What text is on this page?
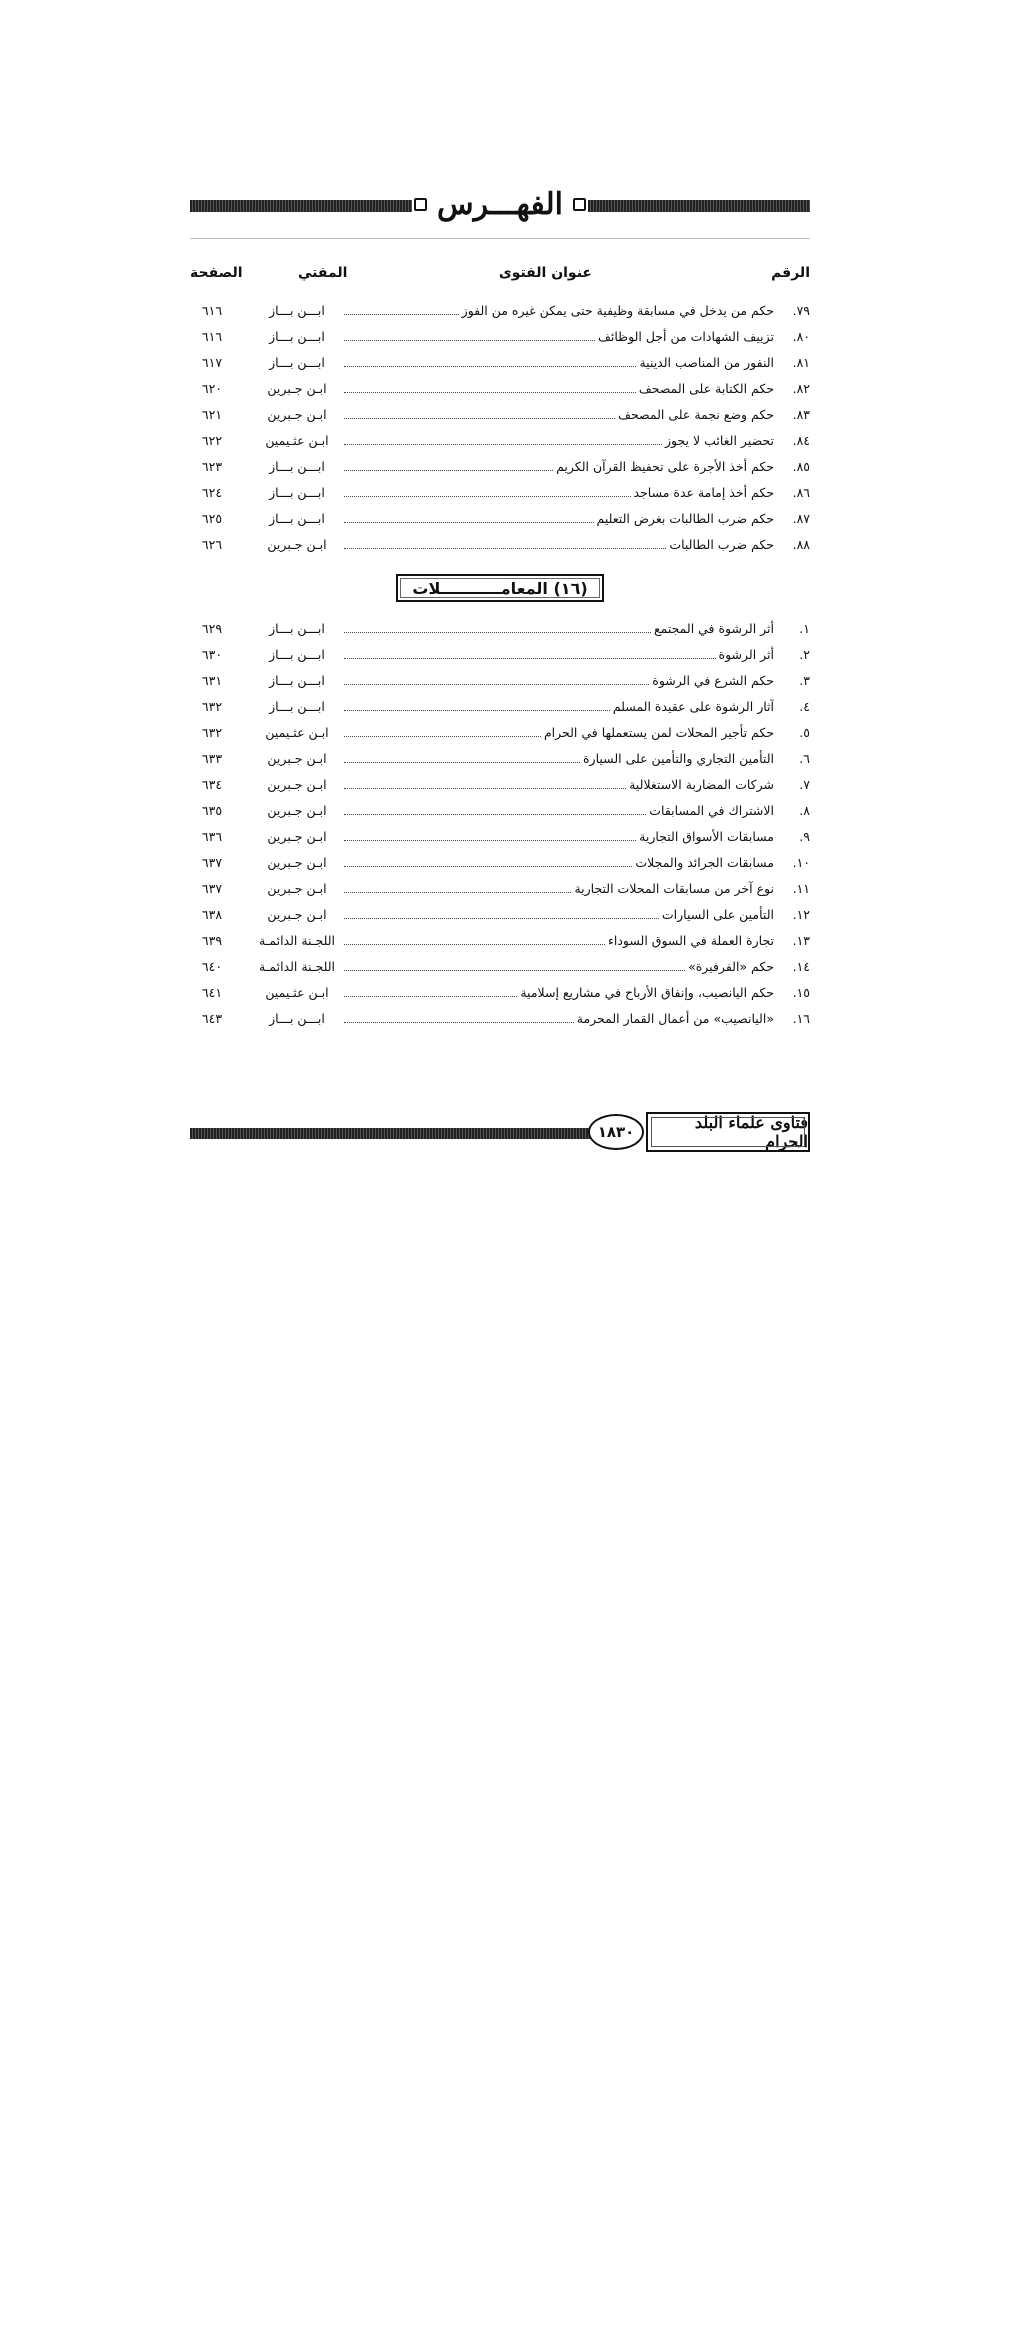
الفهـــرس
الرقم
عنوان الفتوى
المفتي
الصفحة
٧٩.
حكم من يدخل في مسابقة وظيفية حتى يمكن غيره من الفوز
ابـــن بـــاز
٦١٦
٨٠.
تزييف الشهادات من أجل الوظائف
ابـــن بـــاز
٦١٦
٨١.
النفور من المناصب الدينية
ابـــن بـــاز
٦١٧
٨٢.
حكم الكتابة على المصحف
ابـن جـبرين
٦٢٠
٨٣.
حكم وضع نجمة على المصحف
ابـن جـبرين
٦٢١
٨٤.
تحضير الغائب لا يجوز
ابـن عثـيمين
٦٢٢
٨٥.
حكم أخذ الأجرة على تحفيظ القرآن الكريم
ابـــن بـــاز
٦٢٣
٨٦.
حكم أخذ إمامة عدة مساجد
ابـــن بـــاز
٦٢٤
٨٧.
حكم ضرب الطالبات بغرض التعليم
ابـــن بـــاز
٦٢٥
٨٨.
حكم ضرب الطالبات
ابـن جـبرين
٦٢٦
(١٦) المعامـــــــــــلات
١.
أثر الرشوة في المجتمع
ابـــن بـــاز
٦٢٩
٢.
أثر الرشوة
ابـــن بـــاز
٦٣٠
٣.
حكم الشرع في الرشوة
ابـــن بـــاز
٦٣١
٤.
آثار الرشوة على عقيدة المسلم
ابـــن بـــاز
٦٣٢
٥.
حكم تأجير المحلات لمن يستعملها في الحرام
ابـن عثـيمين
٦٣٢
٦.
التأمين التجاري والتأمين على السيارة
ابـن جـبرين
٦٣٣
٧.
شركات المضاربة الاستغلالية
ابـن جـبرين
٦٣٤
٨.
الاشتراك في المسابقات
ابـن جـبرين
٦٣٥
٩.
مسابقات الأسواق التجارية
ابـن جـبرين
٦٣٦
١٠.
مسابقات الجرائد والمجلات
ابـن جـبرين
٦٣٧
١١.
نوع آخر من مسابقات المحلات التجارية
ابـن جـبرين
٦٣٧
١٢.
التأمين على السيارات
ابـن جـبرين
٦٣٨
١٣.
تجارة العملة في السوق السوداء
اللجـنة الدائمـة
٦٣٩
١٤.
حكم «الفرفيرة»
اللجـنة الدائمـة
٦٤٠
١٥.
حكم اليانصيب، وإنفاق الأرباح في مشاريع إسلامية
ابـن عثـيمين
٦٤١
١٦.
«اليانصيب» من أعمال القمار المحرمة
ابـــن بـــاز
٦٤٣
١٨٣٠	فتاوى علماء البلد الحرام
